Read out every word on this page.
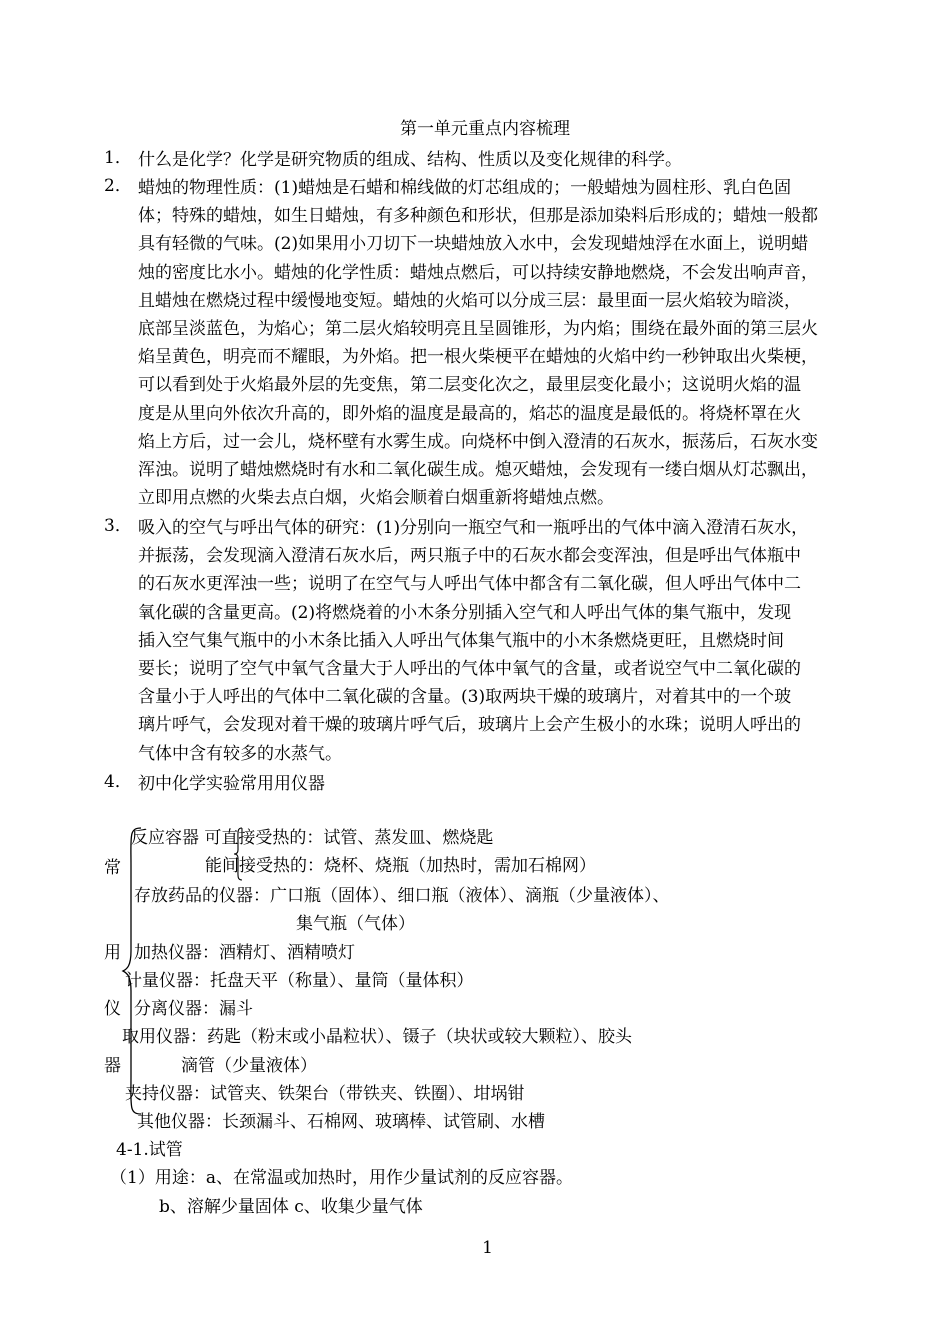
第一单元重点内容梳理
1． 什么是化学？化学是研究物质的组成、结构、性质以及变化规律的科学。
2． 蜡烛的物理性质：(1)蜡烛是石蜡和棉线做的灯芯组成的；一般蜡烛为圆柱形、乳白色固
体；特殊的蜡烛，如生日蜡烛，有多种颜色和形状，但那是添加染料后形成的；蜡烛一般都
具有轻微的气味。(2)如果用小刀切下一块蜡烛放入水中，会发现蜡烛浮在水面上，说明蜡
烛的密度比水小。蜡烛的化学性质：蜡烛点燃后，可以持续安静地燃烧，不会发出响声音，
且蜡烛在燃烧过程中缓慢地变短。蜡烛的火焰可以分成三层：最里面一层火焰较为暗淡，
底部呈淡蓝色，为焰心；第二层火焰较明亮且呈圆锥形，为内焰；围绕在最外面的第三层火
焰呈黄色，明亮而不耀眼，为外焰。把一根火柴梗平在蜡烛的火焰中约一秒钟取出火柴梗，
可以看到处于火焰最外层的先变焦，第二层变化次之，最里层变化最小；这说明火焰的温
度是从里向外依次升高的，即外焰的温度是最高的，焰芯的温度是最低的。将烧杯罩在火
焰上方后，过一会儿，烧杯壁有水雾生成。向烧杯中倒入澄清的石灰水，振荡后，石灰水变
浑浊。说明了蜡烛燃烧时有水和二氧化碳生成。熄灭蜡烛，会发现有一缕白烟从灯芯飘出，
立即用点燃的火柴去点白烟，火焰会顺着白烟重新将蜡烛点燃。
3． 吸入的空气与呼出气体的研究：(1)分别向一瓶空气和一瓶呼出的气体中滴入澄清石灰水，
并振荡，会发现滴入澄清石灰水后，两只瓶子中的石灰水都会变浑浊，但是呼出气体瓶中
的石灰水更浑浊一些；说明了在空气与人呼出气体中都含有二氧化碳，但人呼出气体中二
氧化碳的含量更高。(2)将燃烧着的小木条分别插入空气和人呼出气体的集气瓶中，发现
插入空气集气瓶中的小木条比插入人呼出气体集气瓶中的小木条燃烧更旺，且燃烧时间
要长；说明了空气中氧气含量大于人呼出的气体中氧气的含量，或者说空气中二氧化碳的
含量小于人呼出的气体中二氧化碳的含量。(3)取两块干燥的玻璃片，对着其中的一个玻
璃片呼气，会发现对着干燥的玻璃片呼气后，玻璃片上会产生极小的水珠；说明人呼出的
气体中含有较多的水蒸气。
4． 初中化学实验常用用仪器
常
用
仪
器
反应容器 可直接受热的：试管、蒸发皿、燃烧匙
能间接受热的：烧杯、烧瓶（加热时，需加石棉网）
存放药品的仪器：广口瓶（固体）、细口瓶（液体）、滴瓶（少量液体）、
集气瓶（气体）
加热仪器：酒精灯、酒精喷灯
计量仪器：托盘天平（称量）、量筒（量体积）
分离仪器：漏斗
取用仪器：药匙（粉末或小晶粒状）、镊子（块状或较大颗粒）、胶头
滴管（少量液体）
夹持仪器：试管夹、铁架台（带铁夹、铁圈）、坩埚钳
其他仪器：长颈漏斗、石棉网、玻璃棒、试管刷、水槽
4-1.试管
（1）用途：a、在常温或加热时，用作少量试剂的反应容器。
b、溶解少量固体 c、收集少量气体
1
